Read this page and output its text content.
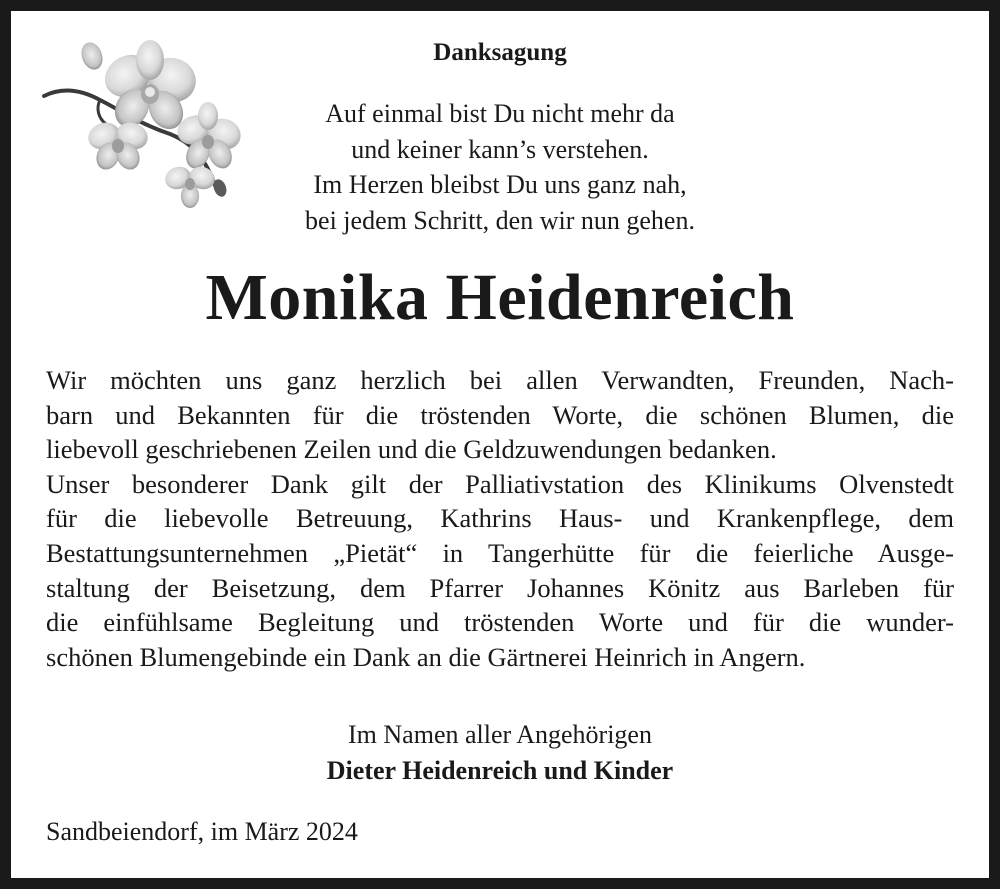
Danksagung
Auf einmal bist Du nicht mehr da
und keiner kann’s verstehen.
Im Herzen bleibst Du uns ganz nah,
bei jedem Schritt, den wir nun gehen.
Monika Heidenreich
Wir möchten uns ganz herzlich bei allen Verwandten, Freunden, Nach-
barn und Bekannten für die tröstenden Worte, die schönen Blumen, die
liebevoll geschriebenen Zeilen und die Geldzuwendungen bedanken.
Unser besonderer Dank gilt der Palliativstation des Klinikums Olvenstedt
für die liebevolle Betreuung, Kathrins Haus- und Krankenpflege, dem
Bestattungsunternehmen „Pietät“ in Tangerhütte für die feierliche Ausge-
staltung der Beisetzung, dem Pfarrer Johannes Könitz aus Barleben für
die einfühlsame Begleitung und tröstenden Worte und für die wunder-
schönen Blumengebinde ein Dank an die Gärtnerei Heinrich in Angern.
Im Namen aller Angehörigen
Dieter Heidenreich und Kinder
Sandbeiendorf, im März 2024
